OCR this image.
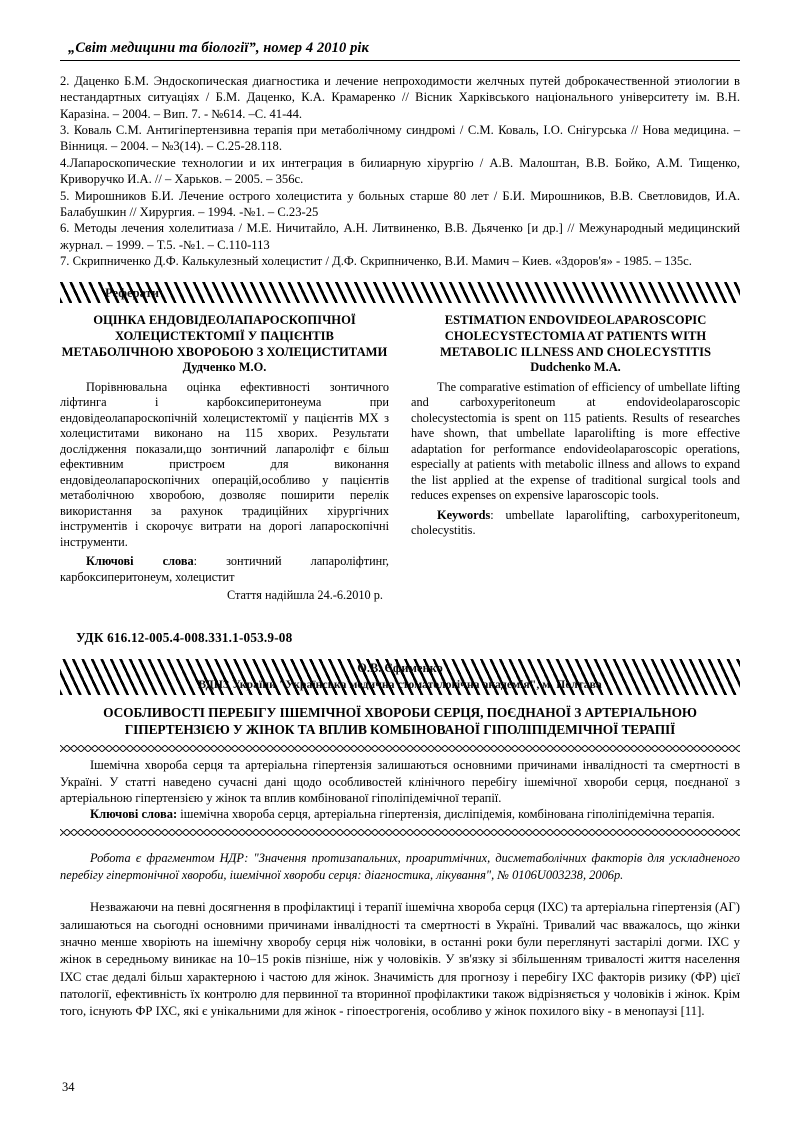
„Світ медицини та біології”, номер 4 2010 рік

2. Даценко Б.М. Эндоскопическая диагностика и лечение непроходимости желчных путей доброкачественной этиологии в нестандартных ситуаціях / Б.М. Даценко, К.А. Крамаренко // Вісник Харківського національного університету ім. В.Н. Каразіна. – 2004. – Вип. 7. - №614. –С. 41-44.

3. Коваль С.М. Антигіпертензивна терапія при метаболічному синдромі / С.М. Коваль, І.О. Снігурська // Нова медицина. – Вінниця. – 2004. – №3(14). – С.25-28.118.

4.Лапароскопические технологии и их интеграция в билиарную хірургію / А.В. Малоштан, В.В. Бойко, А.М. Тищенко, Криворучко И.А. // – Харьков. – 2005. – 356с.

5. Мирошников Б.И. Лечение острого холецистита у больных старше 80 лет / Б.И. Мирошников, В.В. Светловидов, И.А. Балабушкин // Хирургия. – 1994. -№1. – С.23-25

6. Методы лечения холелитиаза / М.Е. Ничитайло, А.Н. Литвиненко, В.В. Дьяченко [и др.] // Межународный медицинский журнал. – 1999. – Т.5. -№1. – С.110-113

7. Скрипниченко Д.Ф. Калькулезный холецистит / Д.Ф. Скрипниченко, В.И. Мамич – Киев. «Здоров'я» - 1985. – 135с.

Реферати

ОЦІНКА ЕНДОВІДЕОЛАПАРОСКОПІЧНОЇ ХОЛЕЦИСТЕКТОМІЇ У ПАЦІЄНТІВ МЕТАБОЛІЧНОЮ ХВОРОБОЮ З ХОЛЕЦИСТИТАМИ

Дудченко М.О.

Порівнювальна оцінка ефективності зонтичного ліфтинга і карбоксиперитонеума при ендовідеолапароскопічній холецистектомії у пацієнтів МХ з холециститами виконано на 115 хворих. Результати дослідження показали,що зонтичний лапароліфт є більш ефективним пристроєм для виконання ендовідеолапароскопічних операцій,особливо у пацієнтів метаболічною хворобою, дозволяє поширити перелік використання за рахунок традиційних хірургічних інструментів і скорочує витрати на дорогі лапароскопічні інструменти.

Ключові слова: зонтичний лапароліфтинг, карбоксиперитонеум, холецистит

Стаття надійшла 24.-6.2010 р.

ESTIMATION ENDOVIDEOLAPAROSCOPIC CHOLECYSTECTOMIA AT PATIENTS WITH METABOLIC ILLNESS AND CHOLECYSTITIS

Dudchenko M.A.

The comparative estimation of efficiency of umbellate lifting and carboxyperitoneum at endovideolaparoscopic cholecystectomia is spent on 115 patients. Results of researches have shown, that umbellate laparolifting is more effective adaptation for performance endovideolaparoscopic operations, especially at patients with metabolic illness and allows to expand the list applied at the expense of traditional surgical tools and reduces expenses on expensive laparoscopic tools.

Keywords: umbellate laparolifting, carboxyperitoneum, cholecystitis.

УДК 616.12-005.4-008.331.1-053.9-08
О.В. Єфименко
ВДНЗ України "Українська медична стоматологічна академія", м. Полтава
ОСОБЛИВОСТІ ПЕРЕБІГУ ІШЕМІЧНОЇ ХВОРОБИ СЕРЦЯ, ПОЄДНАНОЇ З АРТЕРІАЛЬНОЮ ГІПЕРТЕНЗІЄЮ У ЖІНОК ТА ВПЛИВ КОМБІНОВАНОЇ ГІПОЛІПІДЕМІЧНОЇ ТЕРАПІЇ

Ішемічна хвороба серця та артеріальна гіпертензія залишаються основними причинами інвалідності та смертності в Україні. У статті наведено сучасні дані щодо особливостей клінічного перебігу ішемічної хвороби серця, поєднаної з артеріальною гіпертензією у жінок та вплив комбінованої гіполіпідемічної терапії.

Ключові слова: ішемічна хвороба серця, артеріальна гіпертензія, дисліпідемія, комбінована гіполіпідемічна терапія.

Робота є фрагментом НДР: "Значення протизапальних, проаритмічних, дисметаболічних факторів для ускладненого перебігу гіпертонічної хвороби, ішемічної хвороби серця: діагностика, лікування", № 0106U003238, 2006р.
Незважаючи на певні досягнення в профілактиці і терапії ішемічна хвороба серця (ІХС) та артеріальна гіпертензія (АГ) залишаються на сьогодні основними причинами інвалідності та смертності в Україні. Тривалий час вважалось, що жінки значно менше хворіють на ішемічну хворобу серця ніж чоловіки, в останні роки були переглянуті застарілі догми. ІХС у жінок в середньому виникає на 10–15 років пізніше, ніж у чоловіків. У зв'язку зі збільшенням тривалості життя населення ІХС стає дедалі більш характерною і частою для жінок. Значимість для прогнозу і перебігу ІХС факторів ризику (ФР) цієї патології, ефективність їх контролю для первинної та вторинної профілактики також відрізняється у чоловіків і жінок. Крім того, існують ФР ІХС, які є унікальними для жінок - гіпоестрогенія, особливо у жінок похилого віку - в менопаузі [11].
34
